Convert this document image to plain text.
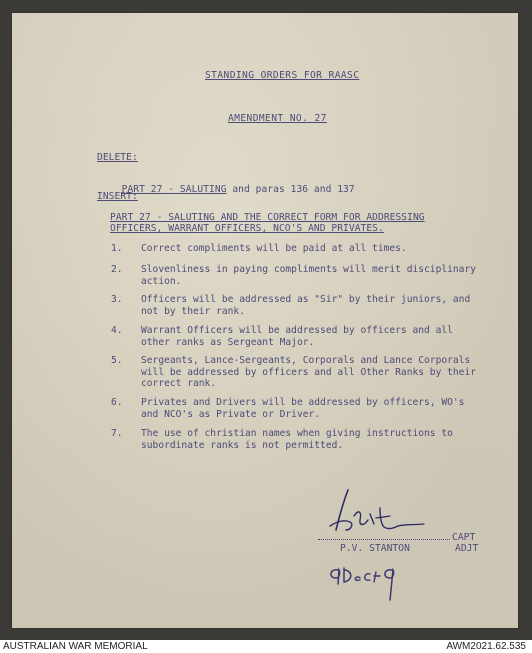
STANDING ORDERS FOR RAASC
AMENDMENT NO. 27
DELETE:

PART 27 - SALUTING and paras 136 and 137

INSERT:
PART 27 - SALUTING AND THE CORRECT FORM FOR ADDRESSING
OFFICERS, WARRANT OFFICERS, NCO'S AND PRIVATES.
1. Correct compliments will be paid at all times.
2. Slovenliness in paying compliments will merit disciplinary action.
3. Officers will be addressed as "Sir" by their juniors, and not by their rank.
4. Warrant Officers will be addressed by officers and all other ranks as Sergeant Major.
5. Sergeants, Lance-Sergeants, Corporals and Lance Corporals will be addressed by officers and all Other Ranks by their correct rank.
6. Privates and Drivers will be addressed by officers, WO's and NCO's as Private or Driver.
7. The use of christian names when giving instructions to subordinate ranks is not permitted.
CAPT
P.V. STANTON	ADJT
AUSTRALIAN WAR MEMORIAL	AWM2021.62.535
